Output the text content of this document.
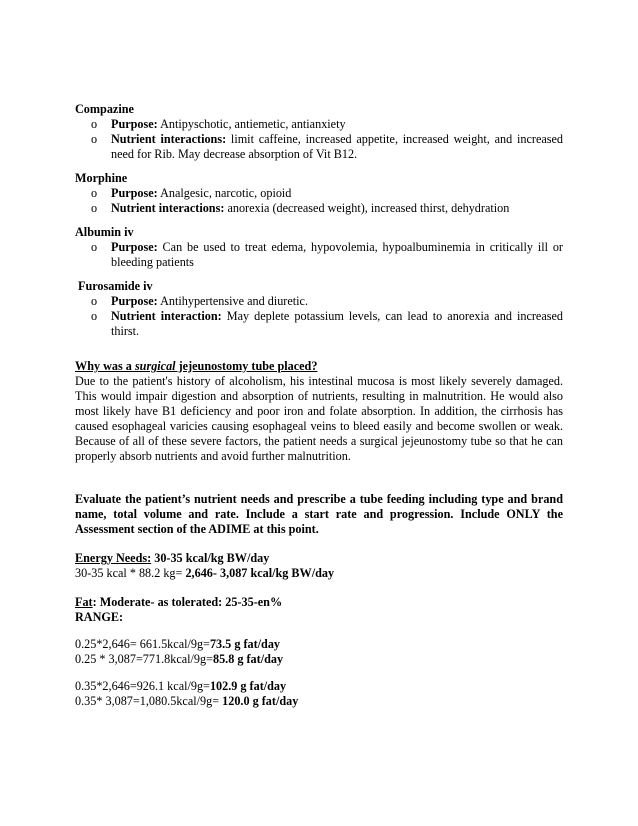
Compazine
o	Purpose: Antipyschotic, antiemetic, antianxiety
o	Nutrient interactions: limit caffeine, increased appetite, increased weight, and increased need for Rib. May decrease absorption of Vit B12.
Morphine
o	Purpose: Analgesic, narcotic, opioid
o	Nutrient interactions: anorexia (decreased weight), increased thirst, dehydration
Albumin iv
o	Purpose: Can be used to treat edema, hypovolemia, hypoalbuminemia in critically ill or bleeding patients
Furosamide iv
o	Purpose: Antihypertensive and diuretic.
o	Nutrient interaction: May deplete potassium levels, can lead to anorexia and increased thirst.
Why was a surgical jejeunostomy tube placed?
Due to the patient's history of alcoholism, his intestinal mucosa is most likely severely damaged. This would impair digestion and absorption of nutrients, resulting in malnutrition. He would also most likely have B1 deficiency and poor iron and folate absorption. In addition, the cirrhosis has caused esophageal varicies causing esophageal veins to bleed easily and become swollen or weak. Because of all of these severe factors, the patient needs a surgical jejeunostomy tube so that he can properly absorb nutrients and avoid further malnutrition.
Evaluate the patient’s nutrient needs and prescribe a tube feeding including type and brand name, total volume and rate. Include a start rate and progression. Include ONLY the Assessment section of the ADIME at this point.
Energy Needs: 30-35 kcal/kg BW/day
30-35 kcal * 88.2 kg= 2,646- 3,087 kcal/kg BW/day
Fat: Moderate- as tolerated: 25-35-en%
RANGE:
0.25*2,646= 661.5kcal/9g=73.5 g fat/day
0.25 * 3,087=771.8kcal/9g=85.8 g fat/day
0.35*2,646=926.1 kcal/9g=102.9 g fat/day
0.35* 3,087=1,080.5kcal/9g= 120.0 g fat/day
